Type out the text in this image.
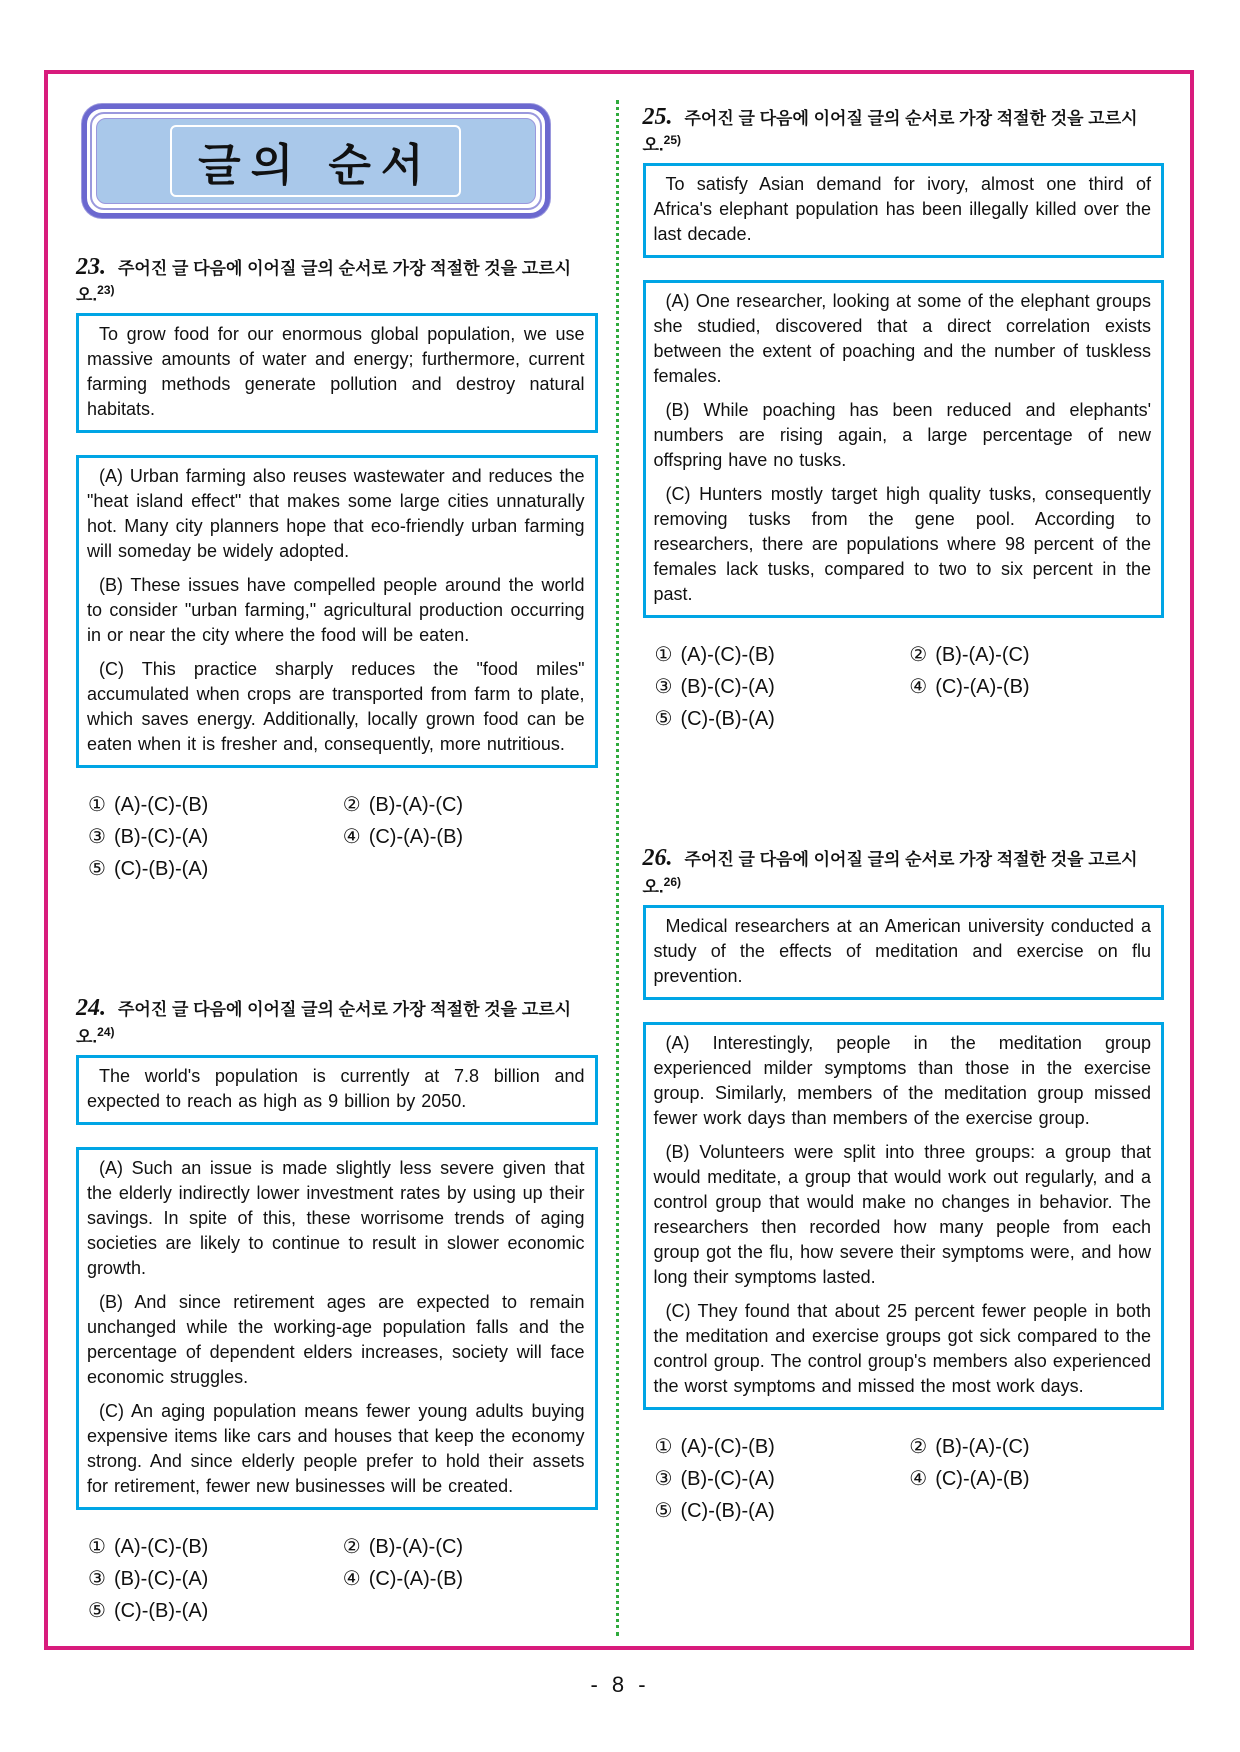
글의 순서
23. 주어진 글 다음에 이어질 글의 순서로 가장 적절한 것을 고르시오.$^{23)}$

To grow food for our enormous global population, we use massive amounts of water and energy; furthermore, current farming methods generate pollution and destroy natural habitats.

(A) Urban farming also reuses wastewater and reduces the "heat island effect" that makes some large cities unnaturally hot. Many city planners hope that eco-friendly urban farming will someday be widely adopted.

(B) These issues have compelled people around the world to consider "urban farming," agricultural production occurring in or near the city where the food will be eaten.

(C) This practice sharply reduces the "food miles" accumulated when crops are transported from farm to plate, which saves energy. Additionally, locally grown food can be eaten when it is fresher and, consequently, more nutritious.

① (A)-(C)-(B)	② (B)-(A)-(C)
③ (B)-(C)-(A)	④ (C)-(A)-(B)
⑤ (C)-(B)-(A)
24. 주어진 글 다음에 이어질 글의 순서로 가장 적절한 것을 고르시오.$^{24)}$

The world's population is currently at 7.8 billion and expected to reach as high as 9 billion by 2050.

(A) Such an issue is made slightly less severe given that the elderly indirectly lower investment rates by using up their savings. In spite of this, these worrisome trends of aging societies are likely to continue to result in slower economic growth.

(B) And since retirement ages are expected to remain unchanged while the working-age population falls and the percentage of dependent elders increases, society will face economic struggles.

(C) An aging population means fewer young adults buying expensive items like cars and houses that keep the economy strong. And since elderly people prefer to hold their assets for retirement, fewer new businesses will be created.

① (A)-(C)-(B)	② (B)-(A)-(C)
③ (B)-(C)-(A)	④ (C)-(A)-(B)
⑤ (C)-(B)-(A)
25. 주어진 글 다음에 이어질 글의 순서로 가장 적절한 것을 고르시오.$^{25)}$

To satisfy Asian demand for ivory, almost one third of Africa's elephant population has been illegally killed over the last decade.

(A) One researcher, looking at some of the elephant groups she studied, discovered that a direct correlation exists between the extent of poaching and the number of tuskless females.

(B) While poaching has been reduced and elephants' numbers are rising again, a large percentage of new offspring have no tusks.

(C) Hunters mostly target high quality tusks, consequently removing tusks from the gene pool. According to researchers, there are populations where 98 percent of the females lack tusks, compared to two to six percent in the past.

① (A)-(C)-(B)	② (B)-(A)-(C)
③ (B)-(C)-(A)	④ (C)-(A)-(B)
⑤ (C)-(B)-(A)
26. 주어진 글 다음에 이어질 글의 순서로 가장 적절한 것을 고르시오.$^{26)}$

Medical researchers at an American university conducted a study of the effects of meditation and exercise on flu prevention.

(A) Interestingly, people in the meditation group experienced milder symptoms than those in the exercise group. Similarly, members of the meditation group missed fewer work days than members of the exercise group.

(B) Volunteers were split into three groups: a group that would meditate, a group that would work out regularly, and a control group that would make no changes in behavior. The researchers then recorded how many people from each group got the flu, how severe their symptoms were, and how long their symptoms lasted.

(C) They found that about 25 percent fewer people in both the meditation and exercise groups got sick compared to the control group. The control group's members also experienced the worst symptoms and missed the most work days.

① (A)-(C)-(B)	② (B)-(A)-(C)
③ (B)-(C)-(A)	④ (C)-(A)-(B)
⑤ (C)-(B)-(A)
- 8 -
